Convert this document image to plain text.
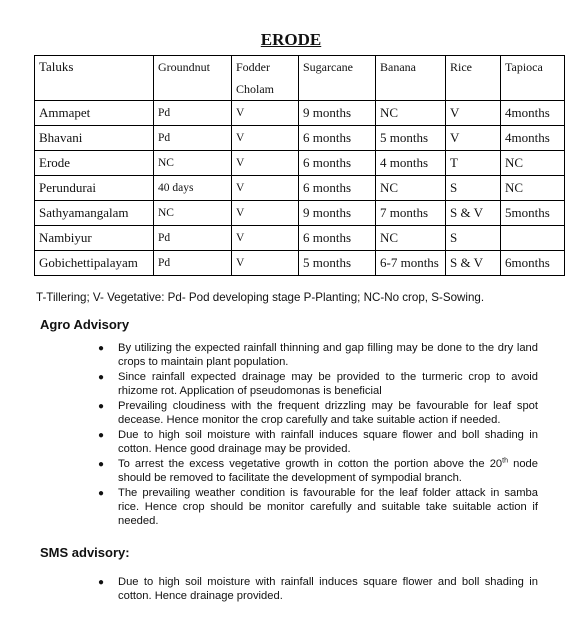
ERODE
Taluks	Groundnut	Fodder Cholam	Sugarcane	Banana	Rice	Tapioca
Ammapet	Pd	V	9 months	NC	V	4months
Bhavani	Pd	V	6 months	5 months	V	4months
Erode	NC	V	6 months	4 months	T	NC
Perundurai	40 days	V	6 months	NC	S	NC
Sathyamangalam	NC	V	9 months	7 months	S & V	5months
Nambiyur	Pd	V	6 months	NC	S	
Gobichettipalayam	Pd	V	5 months	6-7 months	S & V	6months
T-Tillering; V- Vegetative: Pd- Pod developing stage P-Planting; NC-No crop, S-Sowing.
Agro Advisory
● By utilizing the expected rainfall thinning and gap filling may be done to the dry land crops to maintain plant population.
● Since rainfall expected drainage may be provided to the turmeric crop to avoid rhizome rot. Application of pseudomonas is beneficial
● Prevailing cloudiness with the frequent drizzling may be favourable for leaf spot decease. Hence monitor the crop carefully and take suitable action if needed.
● Due to high soil moisture with rainfall induces square flower and boll shading in cotton. Hence good drainage may be provided.
● To arrest the excess vegetative growth in cotton the portion above the 20th node should be removed to facilitate the development of sympodial branch.
● The prevailing weather condition is favourable for the leaf folder attack in samba rice. Hence crop should be monitor carefully and suitable take suitable action if needed.
SMS advisory:
● Due to high soil moisture with rainfall induces square flower and boll shading in cotton. Hence drainage provided.
